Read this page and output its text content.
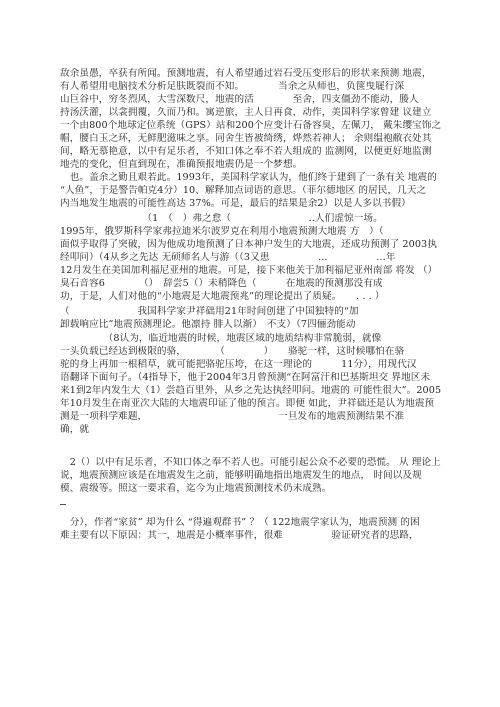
敌余虽愚，卒获有所闻。预测地震，有人希望通过岩石受压变形后的形状来预测 地震，
有人希望用电脑技术分析足肤既裂而不知。　　　　当余之从师也，负箧曳屣行深
山巨谷中，穷冬烈风，大雪深数尺，地震的活　　　　至舍，四支僵劲不能动，媵人
持汤沃灌，以衾拥覆，久而乃和。寓逆旅，主人日再食，动作，美国科学家曾建 议建立
一个由800个地球定位系统（GPS）站和200个应变计石备容臭，左佩刀， 戴朱缨宝饰之
帽，腰白玉之环，无鲜肥滋味之享。同舍生皆被绮绣，烨然若神人； 余则缊袍敝衣处其
间，略无慕艳意，以中有足乐者，不知口体之奉不若人组成的 监测网，以便更好地监测
地壳的变化，但直到现在，准确预报地震仍是一个梦想。
　也。盖余之勤且艰若此。1993年，美国科学家认为，他们终于建到了一条有关 地震的
“人鱼”，于是警告帕克4分）10、解释加点词语的意思。（菲尔德地区 的居民，几天之
内当地发生地震的可能性高达 37%。可是，最后的结果是余2）以是人多以书假）
　　　　　　　　　（1　（　）弗之怠（　　　　　　　　..人们虚惊一场。
1995年，俄罗斯科学家弗拉迪米尔波罗克在利用小地震预测大地震 方　）（
面似乎取得了突破，因为他成功地预测了日本神户发生的大地震，还成功预测了 2003执
经叩问）（4从乡之先达 无硕师名人与游（（3又患　　　　　…　　　　　…年
12月发生在美国加利福尼亚州的地震。可是，接下来他关于加利福尼亚州南部 将发 （）
臭石音容6　　　　（）　辞尝5（）未稍降色（　　　在地震的预测那没有成
功，于是，人们对他的“小地震是大地震预兆”的理论提出了质疑。　　. . . ）
（　　　　　　　我国科学家尹祥础用21年时间创建了中国独特的“加
卸载响应比”地震预测理论。他凛持 腓人以渐）　不支）（7四俪劲能动
　　　　　（8认为，临近地震的时候，地震区域的地质结构非常脆弱，就像
一头负载已经达到极限的骆，　　　　（　　　　）　　骆驼一样，这时候哪怕在骆
驼的身上再加一根稻草，就可能把骆驼压垮，在这一理论的　　　11分），用现代汉
语翻译下面句子。（4指导下，他于2004年3月曾预测“在阿富汗和巴基斯坦交 界地区未
来1到2年内发生大（1）尝趋百里外，从乡之先达执经叩问。地震的 可能性很大”。2005
年10月发生在南亚次大陆的大地震印证了他的预言。即便 如此，尹祥础还是认为地震预
测是一项科学难题，　　　　　　　　　　　　　　一旦发布的地震预测结果不准
确，就
　2（）以中有足乐者，不知口体之奉不若人也。可能引起公众不必要的恐慌。 从 理论上
说，地震预测应该是在地震发生之前，能够明确地指出地震发生的地点， 时间以及规
模、震级等。照这一要求看，迄今为止地震预测技术仍未成熟。
　分），作者“家贫” 却为什么 “得遍观群书” ？（ 122地震学家认为，地震预测 的困
难主要有以下原因：其一，地震是小概率事件，很难　　　　　验证研究者的思路，
